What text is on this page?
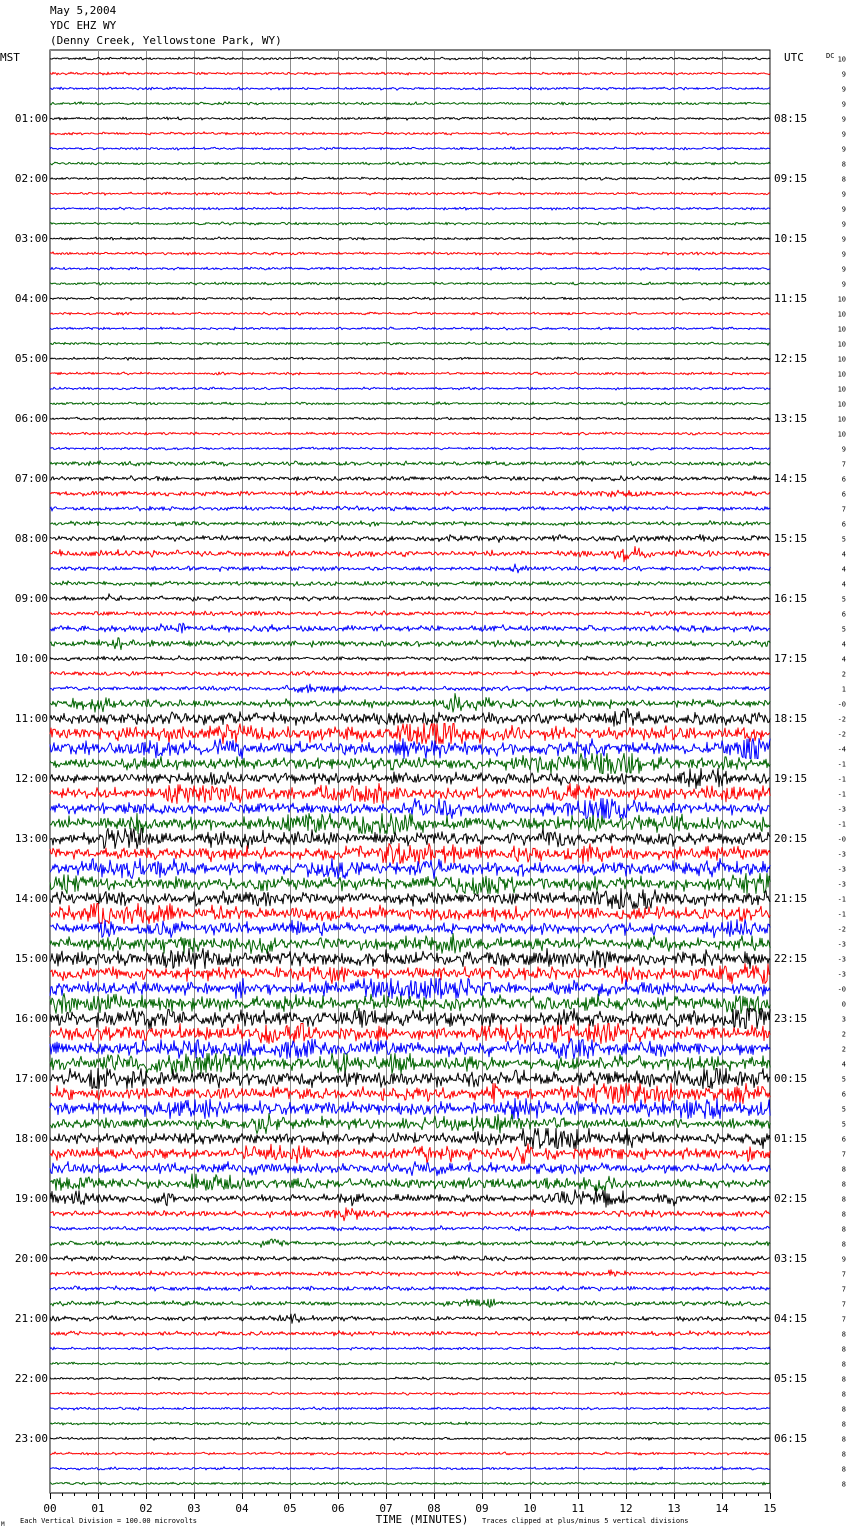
May 5,2004
YDC EHZ WY
(Denny Creek, Yellowstone Park, WY)
10
9
9
9
9
9
9
8
8
9
9
9
9
9
9
9
10
10
10
10
10
10
10
10
10
10
9
7
6
6
7
6
5
4
4
4
5
6
5
4
4
2
1
-0
-2
-2
-4
-1
-1
-1
-3
-1
-0
-3
-3
-3
-1
-1
-2
-3
-3
-3
-0
0
3
2
2
4
5
6
5
5
6
7
8
8
8
8
8
8
9
7
7
7
7
8
8
8
8
8
8
8
8
8
8
8
DC
MST	UTC
01:00	08:15
02:00	09:15
03:00	10:15
04:00	11:15
05:00	12:15
06:00	13:15
07:00	14:15
08:00	15:15
09:00	16:15
10:00	17:15
11:00	18:15
12:00	19:15
13:00	20:15
14:00	21:15
15:00	22:15
16:00	23:15
17:00	00:15
18:00	01:15
19:00	02:15
20:00	03:15
21:00	04:15
22:00	05:15
23:00	06:15
00	01	02	03	04	05	06	07	08	09	10	11	12	13	14	15
TIME (MINUTES)
Each Vertical Division = 100.00 microvolts	Traces clipped at plus/minus 5 vertical divisions
M
